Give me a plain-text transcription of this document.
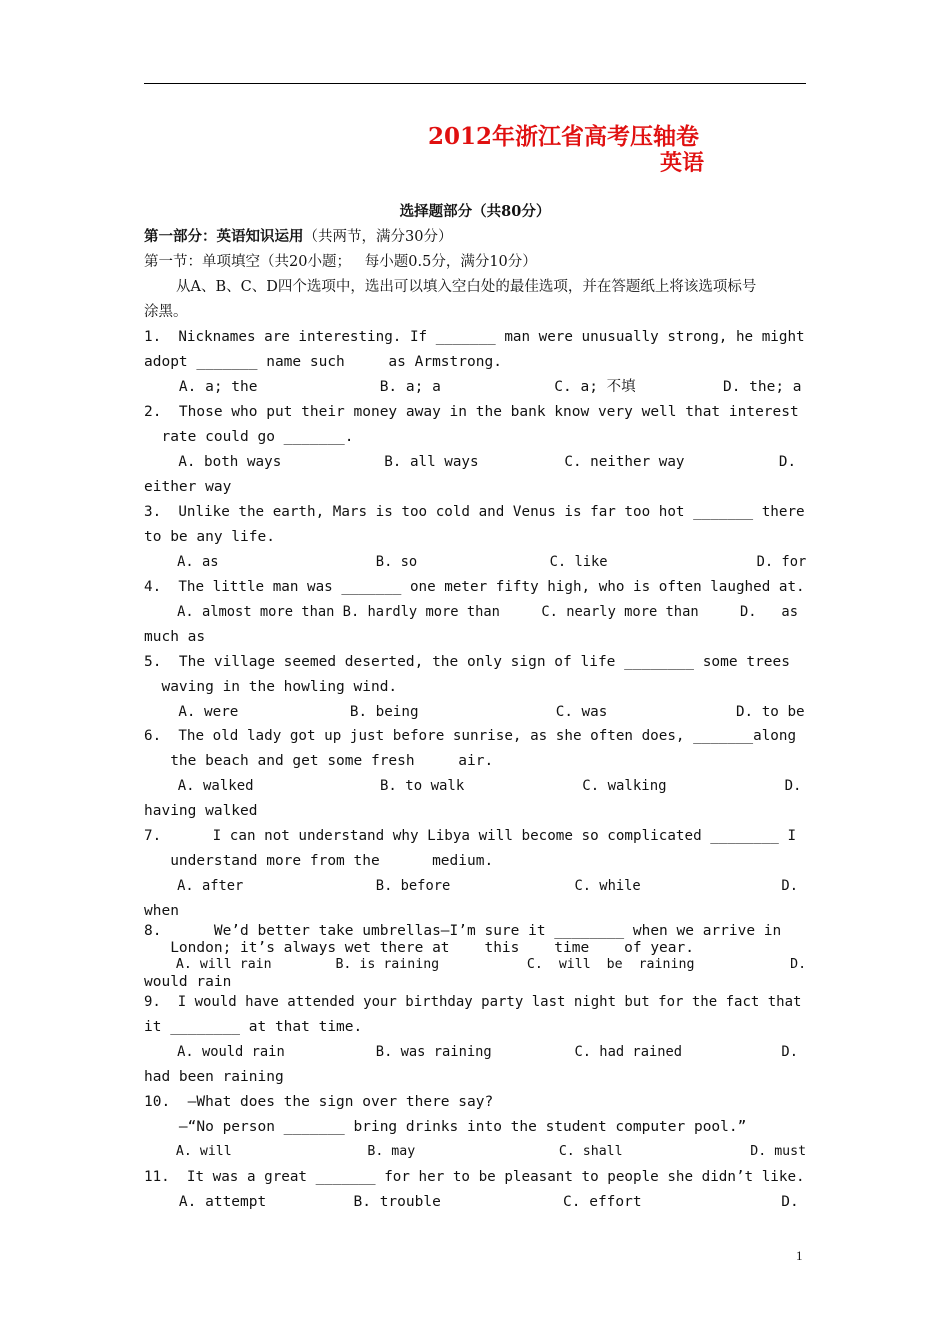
2012年浙江省高考压轴卷
英语
选择题部分（共80分）
第一部分：英语知识运用（共两节，满分30分）
第一节：单项填空（共20小题；   每小题0.5分，满分10分）
从A、B、C、D四个选项中，选出可以填入空白处的最佳选项，并在答题纸上将该选项标号
涂黑。
1.  Nicknames are interesting. If _______ man were unusually strong, he might
adopt _______ name such     as Armstrong.
A. a; the              B. a; a             C. a; 不填          D. the; a
2.  Those who put their money away in the bank know very well that interest
rate could go _______.
A. both ways            B. all ways          C. neither way           D.
either way
3.  Unlike the earth, Mars is too cold and Venus is far too hot _______ there
to be any life.
A. as                   B. so                C. like                  D. for
4.  The little man was _______ one meter fifty high, who is often laughed at.
A. almost more than B. hardly more than     C. nearly more than     D.   as
much as
5.  The village seemed deserted, the only sign of life ________ some trees
waving in the howling wind.
A. were             B. being                C. was               D. to be
6.  The old lady got up just before sunrise, as she often does, _______along
the beach and get some fresh     air.
A. walked               B. to walk              C. walking              D.
having walked
7.      I can not understand why Libya will become so complicated ________ I
understand more from the      medium.
A. after                B. before               C. while                 D.
when
8.      We’d better take umbrellas—I’m sure it ________ when we arrive in
London; it’s always wet there at    this    time    of year.
A. will rain        B. is raining           C.  will  be  raining            D.
would rain
9.  I would have attended your birthday party last night but for the fact that
it ________ at that time.
A. would rain           B. was raining          C. had rained            D.
had been raining
10.  —What does the sign over there say?
—“No person _______ bring drinks into the student computer pool.”
A. will                 B. may                  C. shall                D. must
11.  It was a great _______ for her to be pleasant to people she didn’t like.
A. attempt          B. trouble              C. effort                D.
1
